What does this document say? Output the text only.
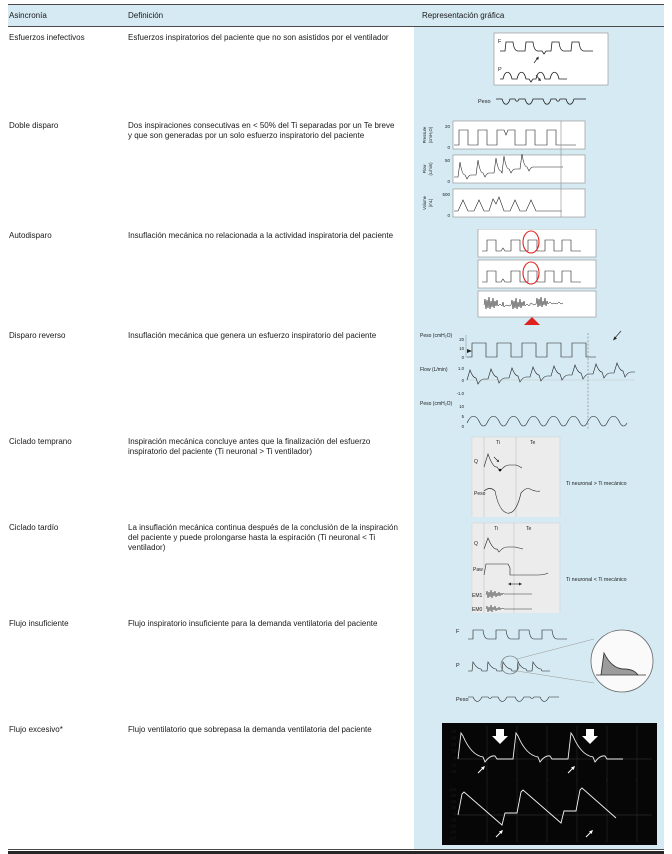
Asincronía	Definición	Representación gráfica
Esfuerzos inefectivos	Esfuerzos inspiratorios del paciente que no son asistidos por el ventilador	F
P
Peso
Doble disparo	Dos inspiraciones consecutivas en < 50% del Ti separadas por un Te breve y que son generadas por un solo esfuerzo inspiratorio del paciente	Pressure (cmH₂O)
20
0
Flow (L/min)
50
0
Volume (mL)
500
0
Autodisparo	Insuflación mecánica no relacionada a la actividad inspiratoria del paciente
Disparo reverso	Insuflación mecánica que genera un esfuerzo inspiratorio del paciente	Peso (cmH₂O)
20
10
0
Flow (L/min) 1.0
0
-1.0
Peso (cmH₂O) 10
5
0
Ciclado temprano	Inspiración mecánica concluye antes que la finalización del esfuerzo inspiratorio del paciente (Ti neuronal > Ti ventilador)
Ti	Te
Q
Peso
Ti neuronal > Ti mecánico
Ciclado tardío	La insuflación mecánica continua después de la conclusión de la inspiración del paciente y puede prolongarse hasta la espiración (Ti neuronal < Ti ventilador)
Ti	Te
Q
Paw
EM1
EM0
Ti neuronal < Ti mecánico
Flujo insuficiente	Flujo inspiratorio insuficiente para la demanda ventilatoria del paciente
F
P
Peso
Flujo excesivo*	Flujo ventilatorio que sobrepasa la demanda ventilatoria del paciente	40
30
20
10
0
-10
-20
1	2	3	4	5	6
120
90
60
30
0
-30
-60
-90
-120
